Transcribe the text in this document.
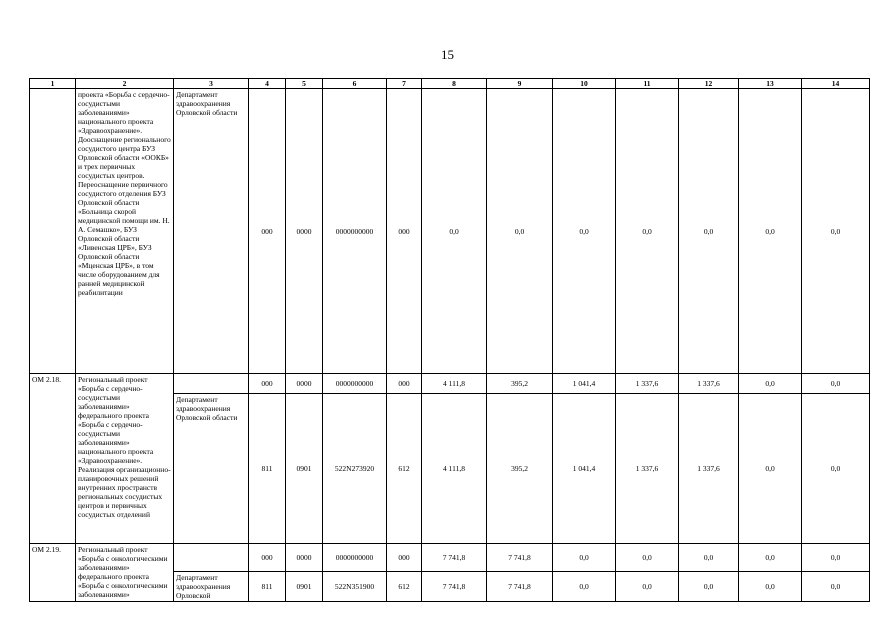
15
1	2	3	4	5	6	7	8	9	10	11	12	13	14
	проекта «Борьба с сердечно-сосудистыми заболеваниями» национального проекта «Здравоохранение». Дооснащение регионального сосудистого центра БУЗ Орловской области «ООКБ» и трех первичных сосудистых центров. Переоснащение первичного сосудистого отделения БУЗ Орловской области «Больница скорой медицинской помощи им. Н. А. Семашко», БУЗ Орловской области «Ливенская ЦРБ», БУЗ Орловской области «Мценская ЦРБ», в том числе оборудованием для ранней медицинской реабилитации	Департамент здравоохранения Орловской области	000	0000	0000000000	000	0,0	0,0	0,0	0,0	0,0	0,0	0,0
ОМ 2.18.	Региональный проект «Борьба с сердечно-сосудистыми заболеваниями» федерального проекта «Борьба с сердечно-сосудистыми заболеваниями» национального проекта «Здравоохранение». Реализация организационно-планировочных решений внутренних пространств региональных сосудистых центров и первичных сосудистых отделений		000	0000	0000000000	000	4 111,8	395,2	1 041,4	1 337,6	1 337,6	0,0	0,0
		Департамент здравоохранения Орловской области	811	0901	522N273920	612	4 111,8	395,2	1 041,4	1 337,6	1 337,6	0,0	0,0
ОМ 2.19.	Региональный проект «Борьба с онкологическими заболеваниями» федерального проекта «Борьба с онкологическими заболеваниями»		000	0000	0000000000	000	7 741,8	7 741,8	0,0	0,0	0,0	0,0	0,0
		Департамент здравоохранения Орловской	811	0901	522N351900	612	7 741,8	7 741,8	0,0	0,0	0,0	0,0	0,0
